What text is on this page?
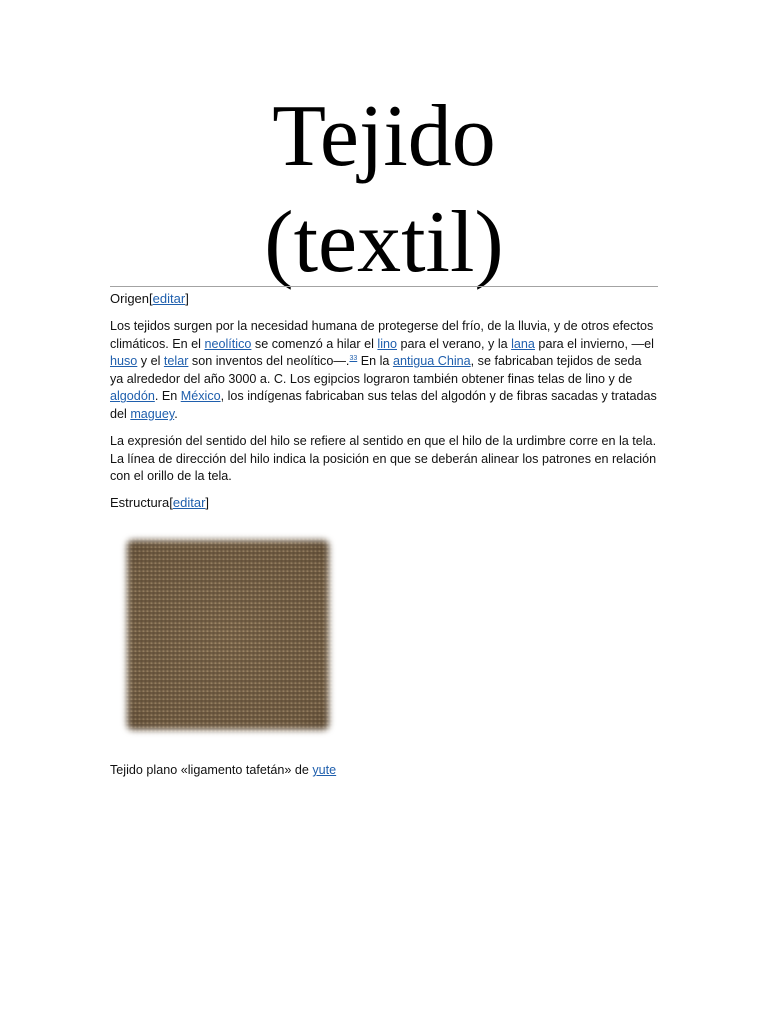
Tejido
(textil)
Origen[editar]

Los tejidos surgen por la necesidad humana de protegerse del frío, de la lluvia, y de otros efectos climáticos. En el neolítico se comenzó a hilar el lino para el verano, y la lana para el invierno, —el huso y el telar son inventos del neolítico—.$^{33}$ En la antigua China, se fabricaban tejidos de seda ya alrededor del año 3000 a. C. Los egipcios lograron también obtener finas telas de lino y de algodón. En México, los indígenas fabricaban sus telas del algodón y de fibras sacadas y tratadas del maguey.

La expresión del sentido del hilo se refiere al sentido en que el hilo de la urdimbre corre en la tela. La línea de dirección del hilo indica la posición en que se deberán alinear los patrones en relación con el orillo de la tela.

Estructura[editar]

Tejido plano «ligamento tafetán» de yute
